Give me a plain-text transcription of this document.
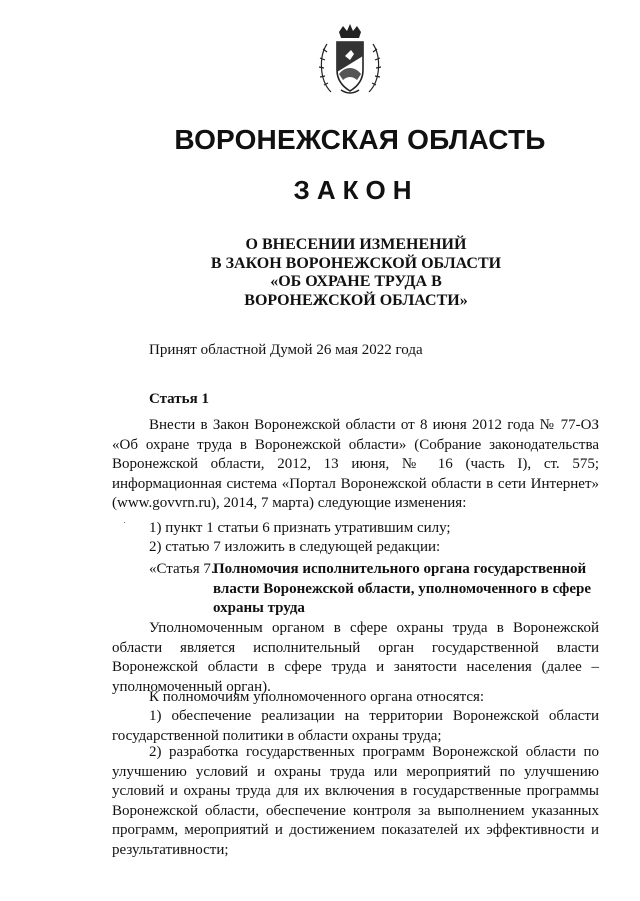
ВОРОНЕЖСКАЯ ОБЛАСТЬ
ЗАКОН
О ВНЕСЕНИИ ИЗМЕНЕНИЙ
В ЗАКОН ВОРОНЕЖСКОЙ ОБЛАСТИ
«ОБ ОХРАНЕ ТРУДА В
ВОРОНЕЖСКОЙ ОБЛАСТИ»
Принят областной Думой 26 мая 2022 года
Статья 1
Внести в Закон Воронежской области от 8 июня 2012 года № 77-ОЗ «Об охране труда в Воронежской области» (Собрание законодательства Воронежской области, 2012, 13 июня, № 16 (часть I), ст. 575; информационная система «Портал Воронежской области в сети Интернет» (www.govvrn.ru), 2014, 7 марта) следующие изменения:
1) пункт 1 статьи 6 признать утратившим силу;
2) статью 7 изложить в следующей редакции:
«Статья 7.
Полномочия исполнительного органа государственной власти Воронежской области, уполномоченного в сфере охраны труда
Уполномоченным органом в сфере охраны труда в Воронежской области является исполнительный орган государственной власти Воронежской области в сфере труда и занятости населения (далее – уполномоченный орган).
К полномочиям уполномоченного органа относятся:
1) обеспечение реализации на территории Воронежской области государственной политики в области охраны труда;
2) разработка государственных программ Воронежской области по улучшению условий и охраны труда или мероприятий по улучшению условий и охраны труда для их включения в государственные программы Воронежской области, обеспечение контроля за выполнением указанных программ, мероприятий и достижением показателей их эффективности и результативности;
